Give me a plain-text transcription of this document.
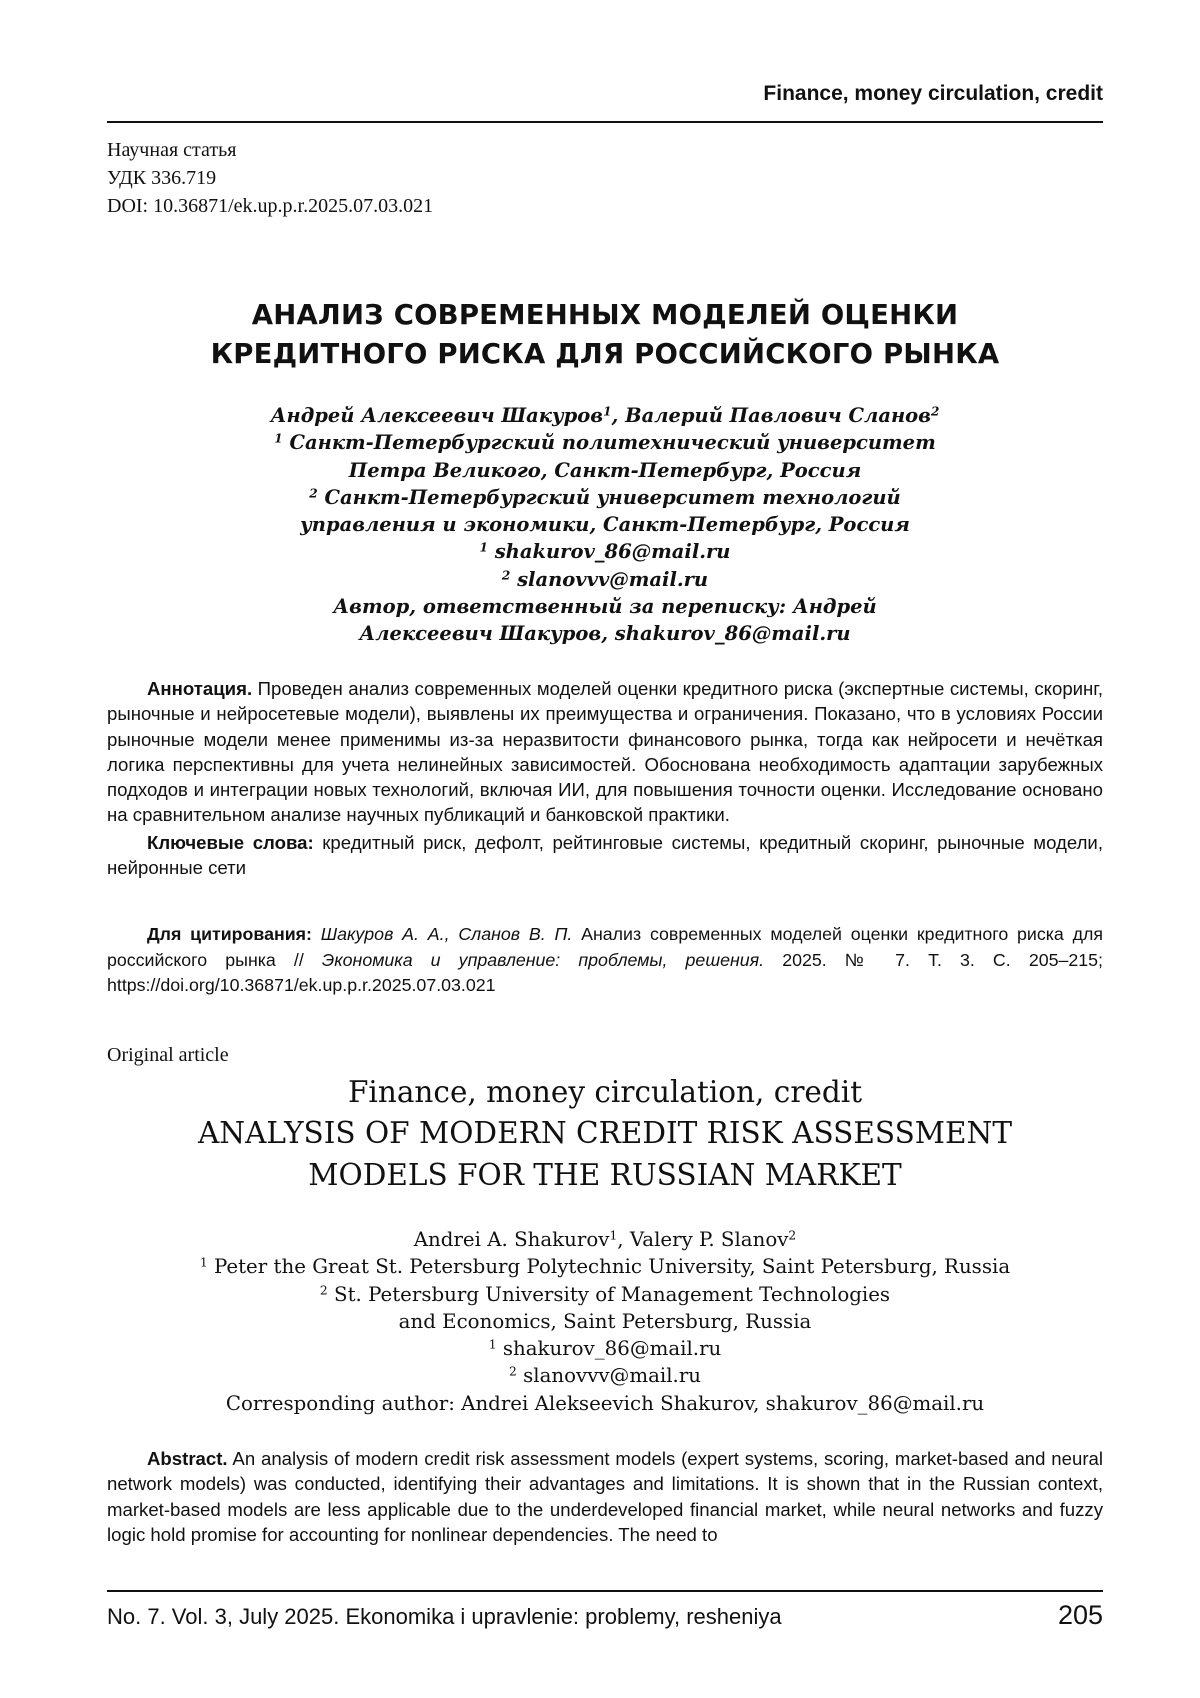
Finance, money circulation, credit
Научная статья
УДК 336.719
DOI: 10.36871/ek.up.p.r.2025.07.03.021
АНАЛИЗ СОВРЕМЕННЫХ МОДЕЛЕЙ ОЦЕНКИ
КРЕДИТНОГО РИСКА ДЛЯ РОССИЙСКОГО РЫНКА
Андрей Алексеевич Шакуров$^1$, Валерий Павлович Сланов$^2$
$^1$ Санкт-Петербургский политехнический университет
Петра Великого, Санкт-Петербург, Россия
$^2$ Санкт-Петербургский университет технологий
управления и экономики, Санкт-Петербург, Россия
$^1$ shakurov_86@mail.ru
$^2$ slanovvv@mail.ru
Автор, ответственный за переписку: Андрей
Алексеевич Шакуров, shakurov_86@mail.ru

Аннотация. Проведен анализ современных моделей оценки кредитного риска (экспертные системы, скоринг, рыночные и нейросетевые модели), выявлены их преимущества и ограничения. Показано, что в условиях России рыночные модели менее применимы из-за неразвитости финансового рынка, тогда как нейросети и нечёткая логика перспективны для учета нелинейных зависимостей. Обоснована необходимость адаптации зарубежных подходов и интеграции новых технологий, включая ИИ, для повышения точности оценки. Исследование основано на сравнительном анализе научных публикаций и банковской практики.

Ключевые слова: кредитный риск, дефолт, рейтинговые системы, кредитный скоринг, рыночные модели, нейронные сети

Для цитирования: Шакуров А. А., Сланов В. П. Анализ современных моделей оценки кредитного риска для российского рынка // Экономика и управление: проблемы, решения. 2025. № 7. Т. 3. С. 205–215; https://doi.org/10.36871/ek.up.p.r.2025.07.03.021

Original article
Finance, money circulation, credit
ANALYSIS OF MODERN CREDIT RISK ASSESSMENT
MODELS FOR THE RUSSIAN MARKET
Andrei A. Shakurov$^1$, Valery P. Slanov$^2$
$^1$ Peter the Great St. Petersburg Polytechnic University, Saint Petersburg, Russia
$^2$ St. Petersburg University of Management Technologies
and Economics, Saint Petersburg, Russia
$^1$ shakurov_86@mail.ru
$^2$ slanovvv@mail.ru
Corresponding author: Andrei Alekseevich Shakurov, shakurov_86@mail.ru

Abstract. An analysis of modern credit risk assessment models (expert systems, scoring, market-based and neural network models) was conducted, identifying their advantages and limitations. It is shown that in the Russian context, market-based models are less applicable due to the underdeveloped financial market, while neural networks and fuzzy logic hold promise for accounting for nonlinear dependencies. The need to

No. 7. Vol. 3, July 2025. Ekonomika i upravlenie: problemy, resheniya	205
